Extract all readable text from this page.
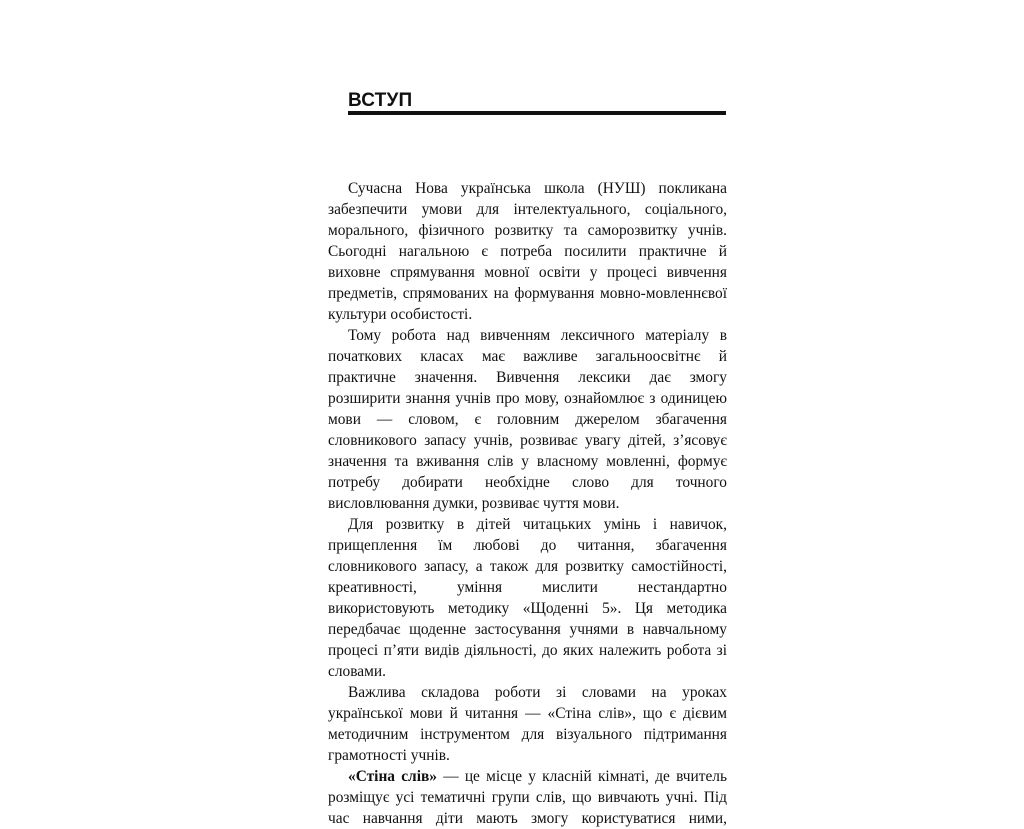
ВСТУП

Сучасна Нова українська школа (НУШ) покликана забезпечити умови для інтелектуального, соціального, морального, фізичного розвитку та саморозвитку учнів. Сьогодні нагальною є потреба посилити практичне й виховне спрямування мовної освіти у процесі вивчення предметів, спрямованих на формування мовно-мовленнєвої культури особистості.

Тому робота над вивченням лексичного матеріалу в початкових класах має важливе загальноосвітнє й практичне значення. Вивчення лексики дає змогу розширити знання учнів про мову, ознайомлює з одиницею мови — словом, є головним джерелом збагачення словникового запасу учнів, розвиває увагу дітей, з’ясовує значення та вживання слів у власному мовленні, формує потребу добирати необхідне слово для точного висловлювання думки, розвиває чуття мови.

Для розвитку в дітей читацьких умінь і навичок, прищеплення їм любові до читання, збагачення словникового запасу, а також для розвитку самостійності, креативності, уміння мислити нестандартно використовують методику «Щоденні 5». Ця методика передбачає щоденне застосування учнями в навчальному процесі п’яти видів діяльності, до яких належить робота зі словами.

Важлива складова роботи зі словами на уроках української мови й читання — «Стіна слів», що є дієвим методичним інструментом для візуального підтримання грамотності учнів.

«Стіна слів» — це місце у класній кімнаті, де вчитель розміщує усі тематичні групи слів, що вивчають учні. Під час навчання діти мають змогу користуватися ними,
